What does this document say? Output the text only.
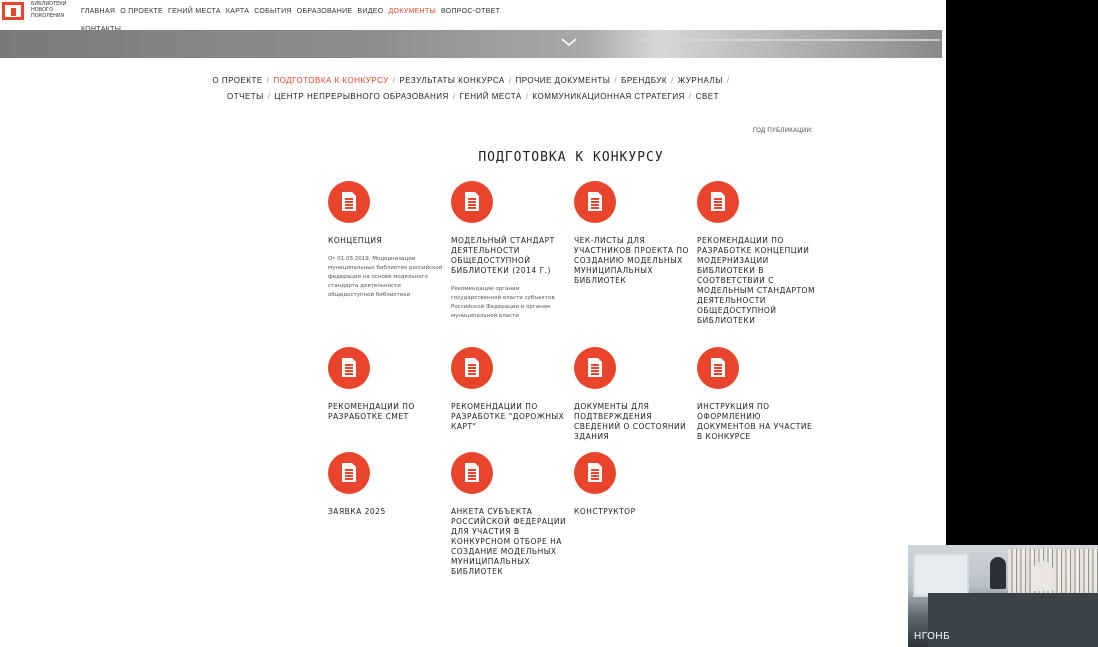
БИБЛИОТЕКИ НОВОГО ПОКОЛЕНИЯ
ГЛАВНАЯ О ПРОЕКТЕ ГЕНИЙ МЕСТА КАРТА СОБЫТИЯ ОБРАЗОВАНИЕ ВИДЕО ДОКУМЕНТЫ ВОПРОС-ОТВЕТ

О ПРОЕКТЕ / ПОДГОТОВКА К КОНКУРСУ / РЕЗУЛЬТАТЫ КОНКУРСА / ПРОЧИЕ ДОКУМЕНТЫ / БРЕНДБУК / ЖУРНАЛЫ /
ОТЧЕТЫ / ЦЕНТР НЕПРЕРЫВНОГО ОБРАЗОВАНИЯ / ГЕНИЙ МЕСТА / КОММУНИКАЦИОННАЯ СТРАТЕГИЯ / СВЕТ
ГОД ПУБЛИКАЦИИ:
ПОДГОТОВКА К КОНКУРСУ
КОНЦЕПЦИЯ
От 01.03.2019. Модернизации муниципальных библиотек российской федерации на основе модельного стандарта деятельности общедоступной библиотеки
МОДЕЛЬНЫЙ СТАНДАРТ ДЕЯТЕЛЬНОСТИ ОБЩЕДОСТУПНОЙ БИБЛИОТЕКИ (2014 Г.)
Рекомендации органам государственной власти субъектов Российской Федерации и органам муниципальной власти
ЧЕК-ЛИСТЫ ДЛЯ УЧАСТНИКОВ ПРОЕКТА ПО СОЗДАНИЮ МОДЕЛЬНЫХ МУНИЦИПАЛЬНЫХ БИБЛИОТЕК
РЕКОМЕНДАЦИИ ПО РАЗРАБОТКЕ КОНЦЕПЦИИ МОДЕРНИЗАЦИИ БИБЛИОТЕКИ В СООТВЕТСТВИИ С МОДЕЛЬНЫМ СТАНДАРТОМ ДЕЯТЕЛЬНОСТИ ОБЩЕДОСТУПНОЙ БИБЛИОТЕКИ
РЕКОМЕНДАЦИИ ПО РАЗРАБОТКЕ СМЕТ
РЕКОМЕНДАЦИИ ПО РАЗРАБОТКЕ "ДОРОЖНЫХ КАРТ"
ДОКУМЕНТЫ ДЛЯ ПОДТВЕРЖДЕНИЯ СВЕДЕНИЙ О СОСТОЯНИИ ЗДАНИЯ
ИНСТРУКЦИЯ ПО ОФОРМЛЕНИЮ ДОКУМЕНТОВ НА УЧАСТИЕ В КОНКУРСЕ
ЗАЯВКА 2025	АНКЕТА СУБЪЕКТА РОССИЙСКОЙ ФЕДЕРАЦИИ ДЛЯ УЧАСТИЯ В КОНКУРСНОМ ОТБОРЕ НА СОЗДАНИЕ МОДЕЛЬНЫХ МУНИЦИПАЛЬНЫХ БИБЛИОТЕК
КОНСТРУКТОР
НГОНБ
